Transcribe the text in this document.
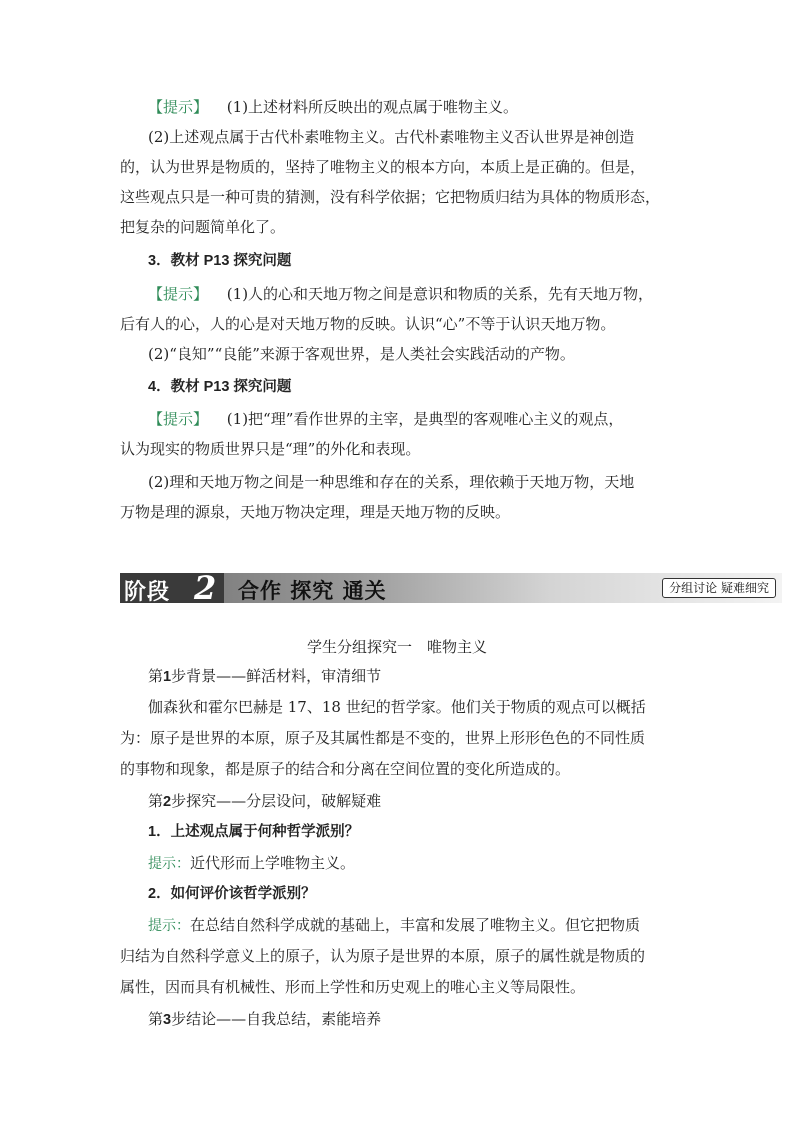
【提示】 (1)上述材料所反映出的观点属于唯物主义。
(2)上述观点属于古代朴素唯物主义。古代朴素唯物主义否认世界是神创造
的，认为世界是物质的，坚持了唯物主义的根本方向，本质上是正确的。但是，
这些观点只是一种可贵的猜测，没有科学依据；它把物质归结为具体的物质形态，
把复杂的问题简单化了。
3．教材 P13 探究问题
【提示】 (1)人的心和天地万物之间是意识和物质的关系，先有天地万物，
后有人的心，人的心是对天地万物的反映。认识“心”不等于认识天地万物。
(2)“良知”“良能”来源于客观世界，是人类社会实践活动的产物。
4．教材 P13 探究问题
【提示】 (1)把“理”看作世界的主宰，是典型的客观唯心主义的观点，
认为现实的物质世界只是“理”的外化和表现。
(2)理和天地万物之间是一种思维和存在的关系，理依赖于天地万物，天地
万物是理的源泉，天地万物决定理，理是天地万物的反映。
阶段 2 合作 探究 通关	分组讨论 疑难细究
学生分组探究一　唯物主义
第1步背景——鲜活材料，审清细节
伽森狄和霍尔巴赫是 17、18 世纪的哲学家。他们关于物质的观点可以概括
为：原子是世界的本原，原子及其属性都是不变的，世界上形形色色的不同性质
的事物和现象，都是原子的结合和分离在空间位置的变化所造成的。
第2步探究——分层设问，破解疑难
1．上述观点属于何种哲学派别？
提示：近代形而上学唯物主义。
2．如何评价该哲学派别？
提示：在总结自然科学成就的基础上，丰富和发展了唯物主义。但它把物质
归结为自然科学意义上的原子，认为原子是世界的本原，原子的属性就是物质的
属性，因而具有机械性、形而上学性和历史观上的唯心主义等局限性。
第3步结论——自我总结，素能培养
